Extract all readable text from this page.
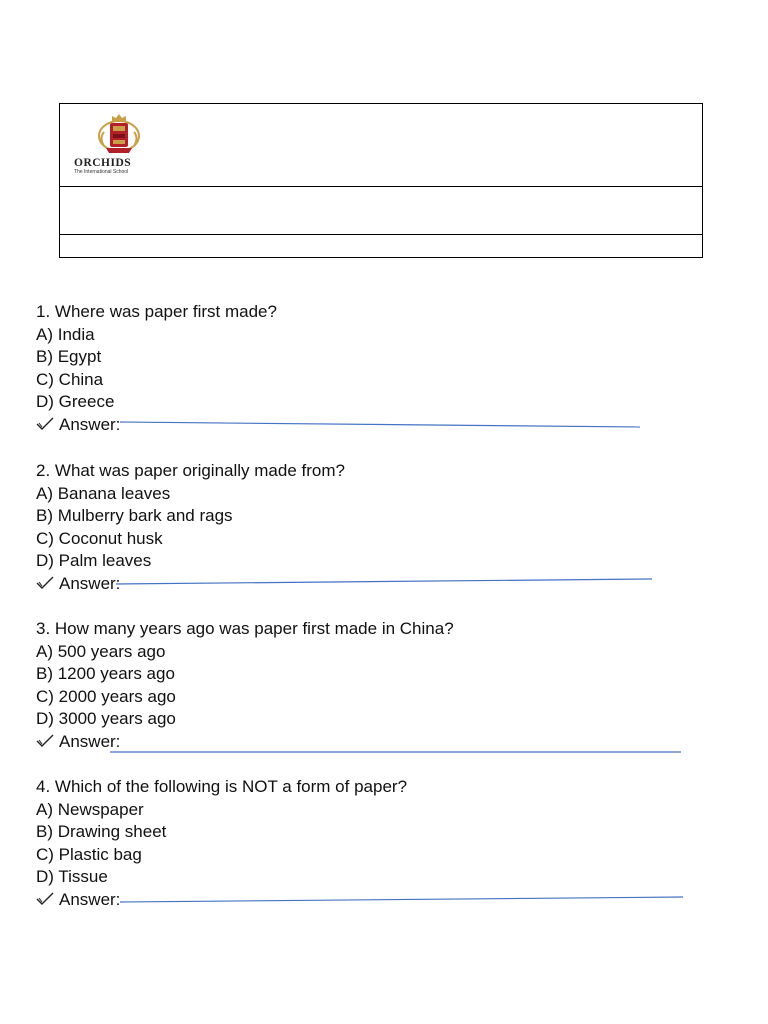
ORCHIDS
The International School
1. Where was paper first made?
A) India
B) Egypt
C) China
D) Greece
Answer:
2. What was paper originally made from?
A) Banana leaves
B) Mulberry bark and rags
C) Coconut husk
D) Palm leaves
Answer:
3. How many years ago was paper first made in China?
A) 500 years ago
B) 1200 years ago
C) 2000 years ago
D) 3000 years ago
Answer:
4. Which of the following is NOT a form of paper?
A) Newspaper
B) Drawing sheet
C) Plastic bag
D) Tissue
Answer:
